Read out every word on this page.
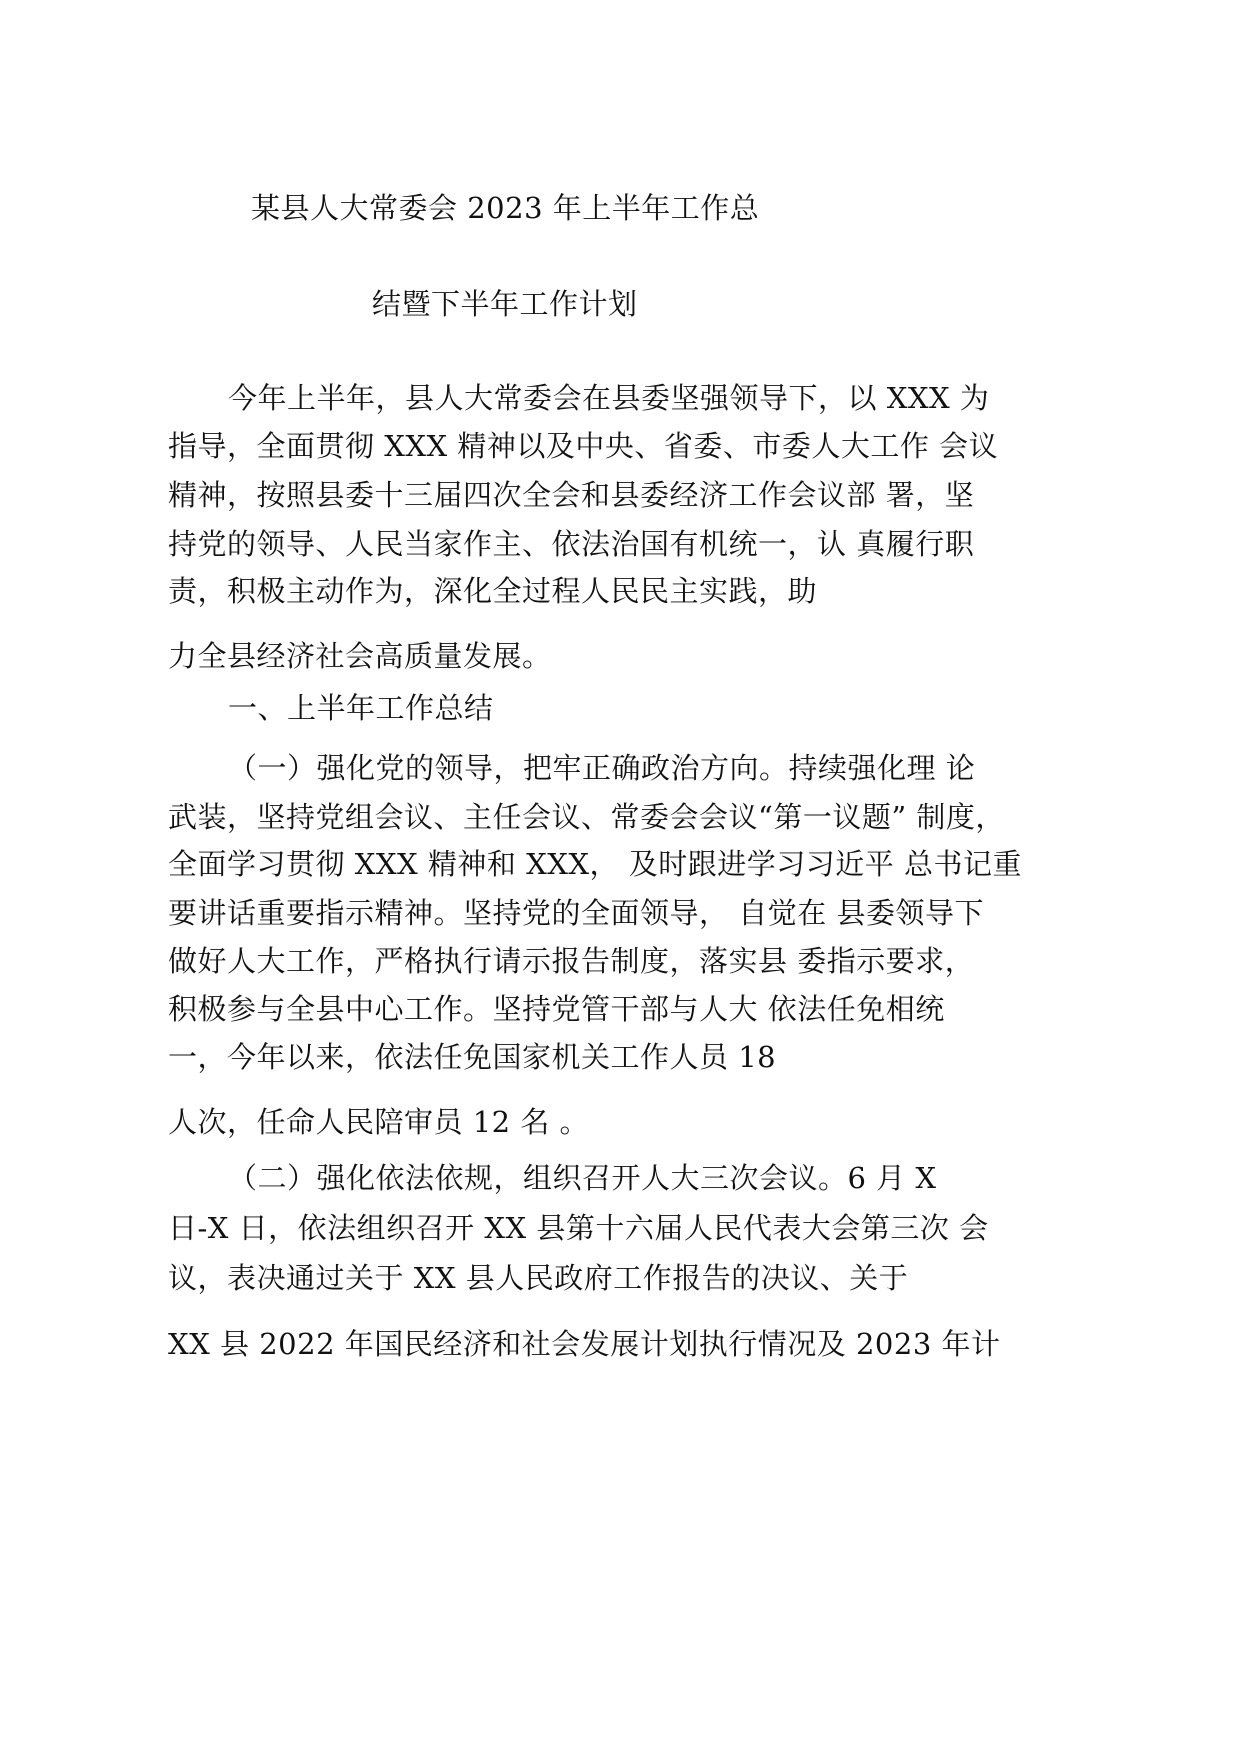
某县人大常委会 2023 年上半年工作总
结暨下半年工作计划
今年上半年，县人大常委会在县委坚强领导下，以 XXX 为
指导，全面贯彻 XXX 精神以及中央、省委、市委人大工作 会议
精神，按照县委十三届四次全会和县委经济工作会议部 署，坚
持党的领导、人民当家作主、依法治国有机统一，认 真履行职
责，积极主动作为，深化全过程人民民主实践，助
力全县经济社会高质量发展。
一、上半年工作总结
（一）强化党的领导，把牢正确政治方向。持续强化理 论
武装，坚持党组会议、主任会议、常委会会议“第一议题” 制度，
全面学习贯彻 XXX 精神和 XXX， 及时跟进学习习近平 总书记重
要讲话重要指示精神。坚持党的全面领导， 自觉在 县委领导下
做好人大工作，严格执行请示报告制度，落实县 委指示要求，
积极参与全县中心工作。坚持党管干部与人大 依法任免相统
一，今年以来，依法任免国家机关工作人员 18
人次，任命人民陪审员 12 名 。
（二）强化依法依规，组织召开人大三次会议。6 月 X
日-X 日，依法组织召开 XX 县第十六届人民代表大会第三次 会
议，表决通过关于 XX 县人民政府工作报告的决议、关于
XX 县 2022 年国民经济和社会发展计划执行情况及 2023 年计
